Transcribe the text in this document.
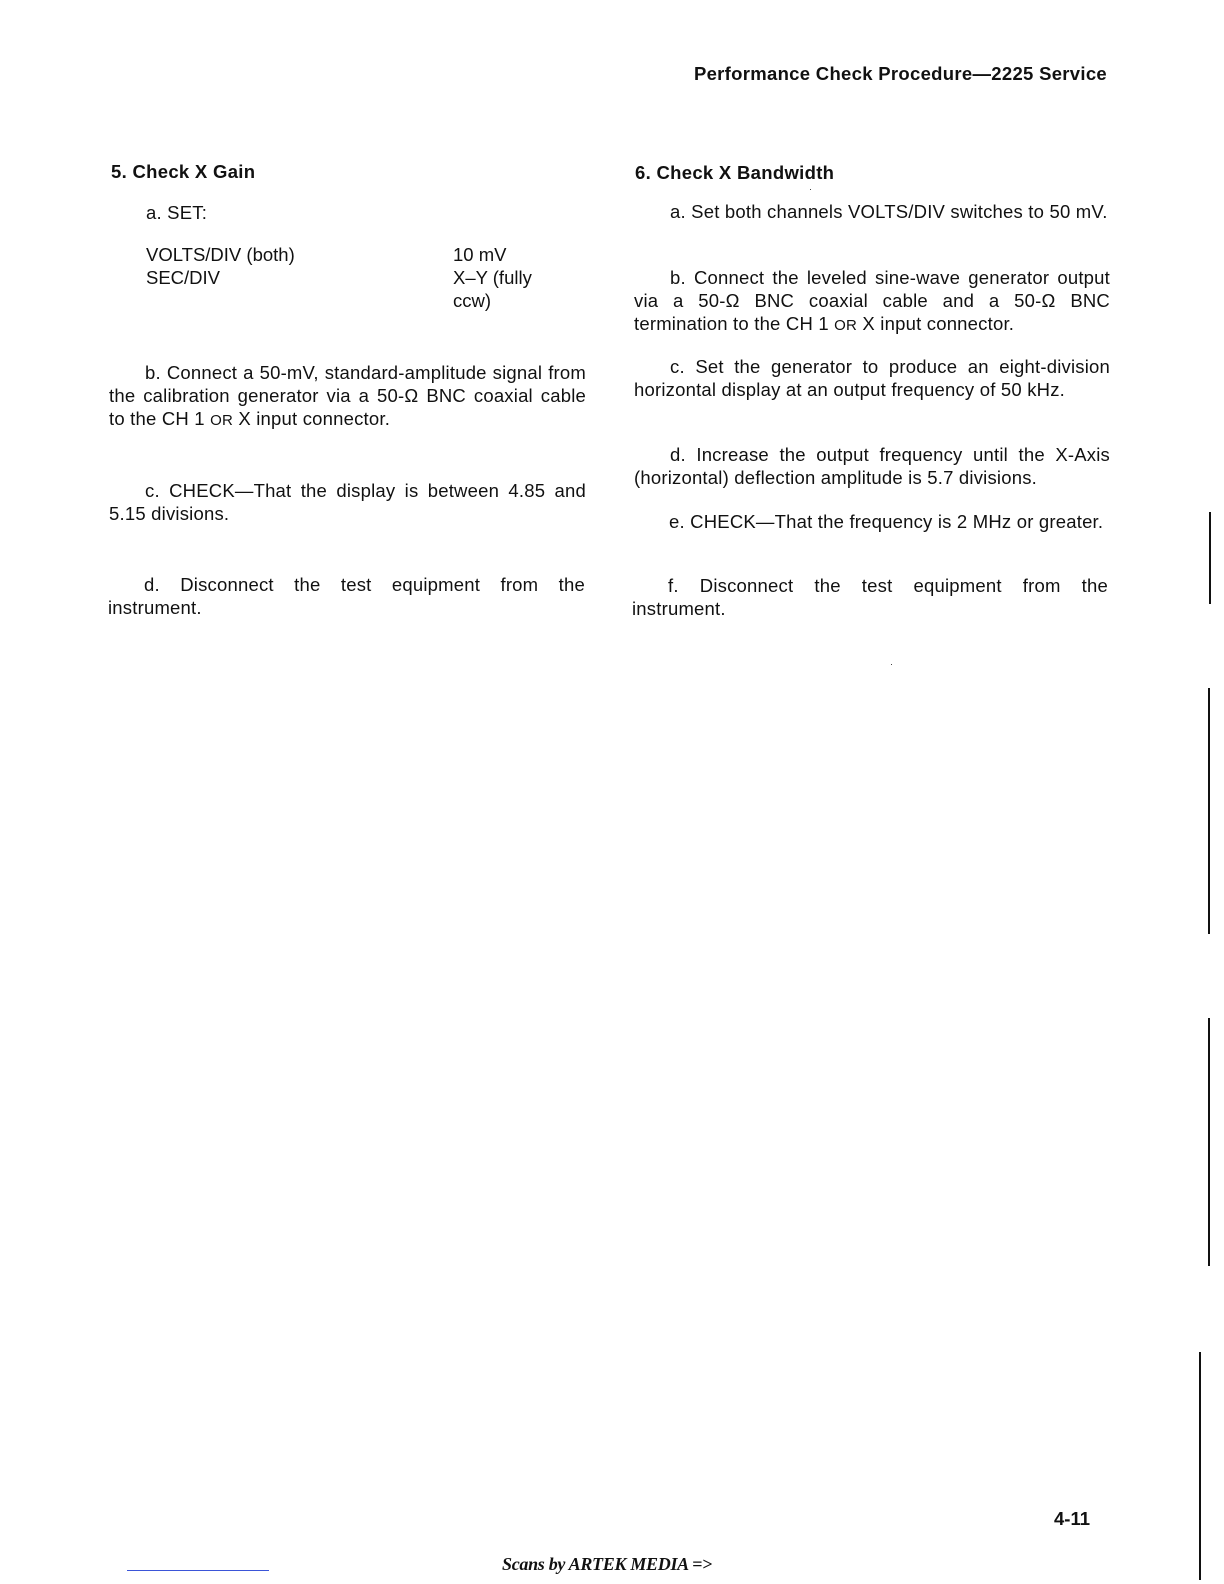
Performance Check Procedure—2225 Service
5. Check X Gain
a. SET:
VOLTS/DIV (both)	10 mV
SEC/DIV	X–Y (fully
ccw)
b. Connect a 50-mV, standard-amplitude signal from the calibration generator via a 50-Ω BNC coaxial cable to the CH 1 OR X input connector.
c. CHECK—That the display is between 4.85 and 5.15 divisions.
d. Disconnect the test equipment from the instrument.
6. Check X Bandwidth
a. Set both channels VOLTS/DIV switches to 50 mV.
b. Connect the leveled sine-wave generator output via a 50-Ω BNC coaxial cable and a 50-Ω BNC termination to the CH 1 OR X input connector.
c. Set the generator to produce an eight-division horizontal display at an output frequency of 50 kHz.
d. Increase the output frequency until the X-Axis (horizontal) deflection amplitude is 5.7 divisions.
e. CHECK—That the frequency is 2 MHz or greater.
f. Disconnect the test equipment from the instrument.
4-11
Scans by ARTEK MEDIA =>
